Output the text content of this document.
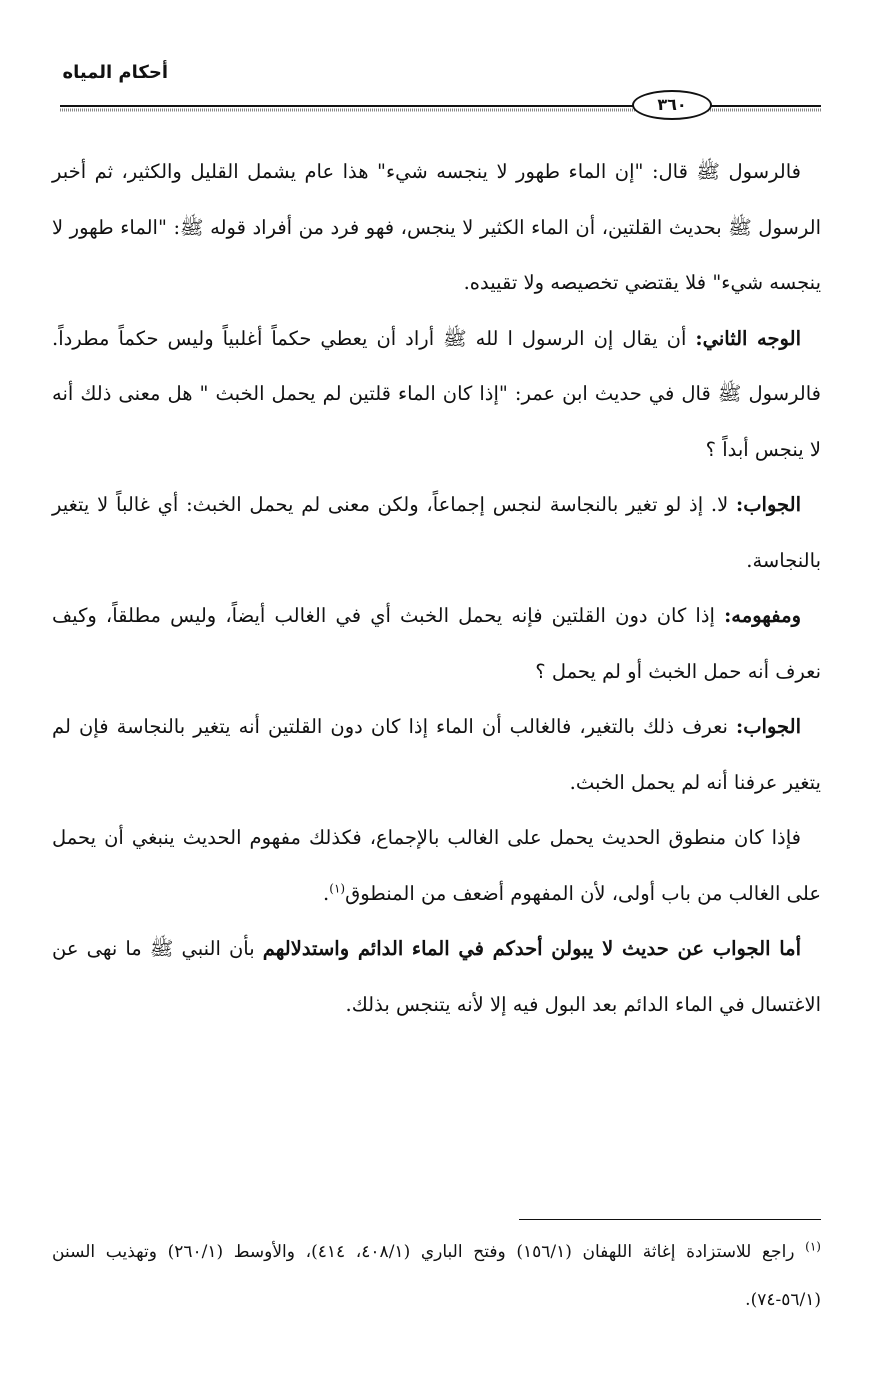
أحكام المياه
٣٦٠

فالرسول ﷺ قال: "إن الماء طهور لا ينجسه شيء" هذا عام يشمل القليل والكثير، ثم أخبر الرسول ﷺ بحديث القلتين، أن الماء الكثير لا ينجس، فهو فرد من أفراد قوله ﷺ: "الماء طهور لا ينجسه شيء" فلا يقتضي تخصيصه ولا تقييده.

الوجه الثاني: أن يقال إن الرسول ا لله ﷺ أراد أن يعطي حكماً أغلبياً وليس حكماً مطرداً. فالرسول ﷺ قال في حديث ابن عمر: "إذا كان الماء قلتين لم يحمل الخبث " هل معنى ذلك أنه لا ينجس أبداً ؟

الجواب: لا. إذ لو تغير بالنجاسة لنجس إجماعاً، ولكن معنى لم يحمل الخبث: أي غالباً لا يتغير بالنجاسة.

ومفهومه: إذا كان دون القلتين فإنه يحمل الخبث أي في الغالب أيضاً، وليس مطلقاً، وكيف نعرف أنه حمل الخبث أو لم يحمل ؟

الجواب: نعرف ذلك بالتغير، فالغالب أن الماء إذا كان دون القلتين أنه يتغير بالنجاسة فإن لم يتغير عرفنا أنه لم يحمل الخبث.

فإذا كان منطوق الحديث يحمل على الغالب بالإجماع، فكذلك مفهوم الحديث ينبغي أن يحمل على الغالب من باب أولى، لأن المفهوم أضعف من المنطوق$^{(١)}$.

أما الجواب عن حديث لا يبولن أحدكم في الماء الدائم واستدلالهم بأن النبي ﷺ ما نهى عن الاغتسال في الماء الدائم بعد البول فيه إلا لأنه يتنجس بذلك.

$^{(١)}$ راجع للاستزادة إغاثة اللهفان (١٥٦/١) وفتح الباري (٤٠٨/١، ٤١٤)، والأوسط (٢٦٠/١) وتهذيب السنن (٥٦/١-٧٤).
